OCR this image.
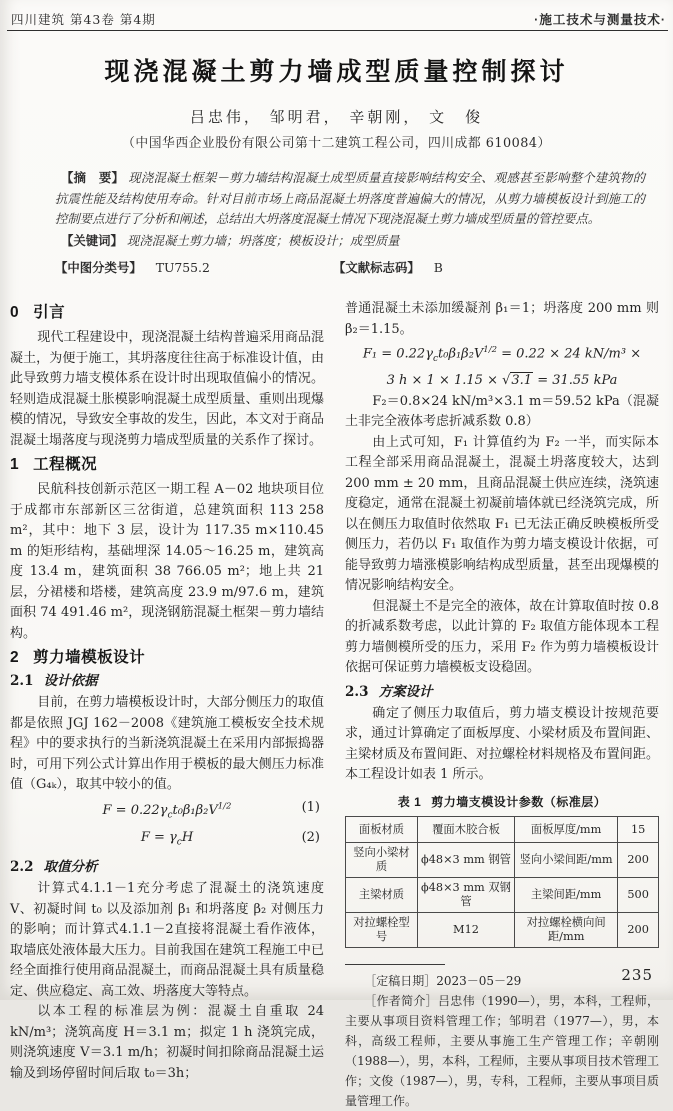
四川建筑 第43卷 第4期	·施工技术与测量技术·
现浇混凝土剪力墙成型质量控制探讨
吕忠伟， 邹明君， 辛朝刚， 文　俊
（中国华西企业股份有限公司第十二建筑工程公司，四川成都 610084）
【摘　要】 现浇混凝土框架－剪力墙结构混凝土成型质量直接影响结构安全、观感甚至影响整个建筑物的抗震性能及结构使用寿命。针对目前市场上商品混凝土坍落度普遍偏大的情况，从剪力墙模板设计到施工的控制要点进行了分析和阐述，总结出大坍落度混凝土情况下现浇混凝土剪力墙成型质量的管控要点。
【关键词】 现浇混凝土剪力墙；坍落度；模板设计；成型质量
【中图分类号】 TU755.2	【文献标志码】 B
0 引言

现代工程建设中，现浇混凝土结构普遍采用商品混凝土，为便于施工，其坍落度往往高于标准设计值，由此导致剪力墙支模体系在设计时出现取值偏小的情况。轻则造成混凝土胀模影响混凝土成型质量、重则出现爆模的情况，导致安全事故的发生，因此，本文对于商品混凝土塌落度与现浇剪力墙成型质量的关系作了探讨。

1 工程概况

民航科技创新示范区一期工程 A－02 地块项目位于成都市东部新区三岔街道，总建筑面积 113 258 m²，其中：地下 3 层，设计为 117.35 m×110.45 m 的矩形结构，基础埋深 14.05～16.25 m，建筑高度 13.4 m，建筑面积 38 766.05 m²；地上共 21 层，分裙楼和塔楼，建筑高度 23.9 m/97.6 m，建筑面积 74 491.46 m²，现浇钢筋混凝土框架－剪力墙结构。

2 剪力墙模板设计
2.1 设计依据

目前，在剪力墙模板设计时，大部分侧压力的取值都是依照 JGJ 162－2008《建筑施工模板安全技术规程》中的要求执行的当新浇筑混凝土在采用内部振捣器时，可用下列公式计算出作用于模板的最大侧压力标准值（G₄ₖ），取其中较小的值。

$F = 0.22\gamma_ct_0\beta_1\beta_2V^{1/2}$	(1)
$F = \gamma_cH$	(2)
2.2 取值分析

计算式4.1.1－1充分考虑了混凝土的浇筑速度 V、初凝时间 t₀ 以及添加剂 β₁ 和坍落度 β₂ 对侧压力的影响；而计算式4.1.1－2直接将混凝土看作液体，取墙底处液体最大压力。目前我国在建筑工程施工中已经全面推行使用商品混凝土，而商品混凝土具有质量稳定、供应稳定、高工效、坍落度大等特点。

以本工程的标准层为例：混凝土自重取 24 kN/m³；浇筑高度 H＝3.1 m；拟定 1 h 浇筑完成，则浇筑速度 V＝3.1 m/h；初凝时间扣除商品混凝土运输及到场停留时间后取 t₀＝3h；

普通混凝土未添加缓凝剂 β₁＝1；坍落度 200 mm 则 β₂＝1.15。

$F_1 = 0.22\gamma_ct_0\beta_1\beta_2V^{1/2} = 0.22 \times 24$ kN/m³ ×
3 h × 1 × 1.15 × √3.1 = 31.55 kPa

F₂＝0.8×24 kN/m³×3.1 m＝59.52 kPa（混凝土非完全液体考虑折减系数 0.8）

由上式可知，F₁ 计算值约为 F₂ 一半，而实际本工程全部采用商品混凝土，混凝土坍落度较大，达到 200 mm ± 20 mm，且商品混凝土供应连续，浇筑速度稳定，通常在混凝土初凝前墙体就已经浇筑完成，所以在侧压力取值时依然取 F₁ 已无法正确反映模板所受侧压力，若仍以 F₁ 取值作为剪力墙支模设计依据，可能导致剪力墙涨模影响结构成型质量，甚至出现爆模的情况影响结构安全。

但混凝土不是完全的液体，故在计算取值时按 0.8 的折减系数考虑，以此计算的 F₂ 取值方能体现本工程剪力墙侧模所受的压力，采用 F₂ 作为剪力墙模板设计依据可保证剪力墙模板支设稳固。

2.3 方案设计

确定了侧压力取值后，剪力墙支模设计按规范要求，通过计算确定了面板厚度、小梁材质及布置间距、主梁材质及布置间距、对拉螺栓材料规格及布置间距。本工程设计如表 1 所示。

表 1 剪力墙支模设计参数（标准层）
面板材质	覆面木胶合板	面板厚度/mm	15
竖向小梁材质	ϕ48×3 mm 钢管	竖向小梁间距/mm	200
主梁材质	ϕ48×3 mm 双钢管	主梁间距/mm	500
对拉螺栓型号	M12	对拉螺栓横向间距/mm	200

［定稿日期］2023－05－29

［作者简介］吕忠伟（1990—），男，本科，工程师，主要从事项目资料管理工作；邹明君（1977—），男，本科，高级工程师，主要从事施工生产管理工作；辛朝刚（1988—），男，本科，工程师，主要从事项目技术管理工作；文俊（1987—），男，专科，工程师，主要从事项目质量管理工作。

235
